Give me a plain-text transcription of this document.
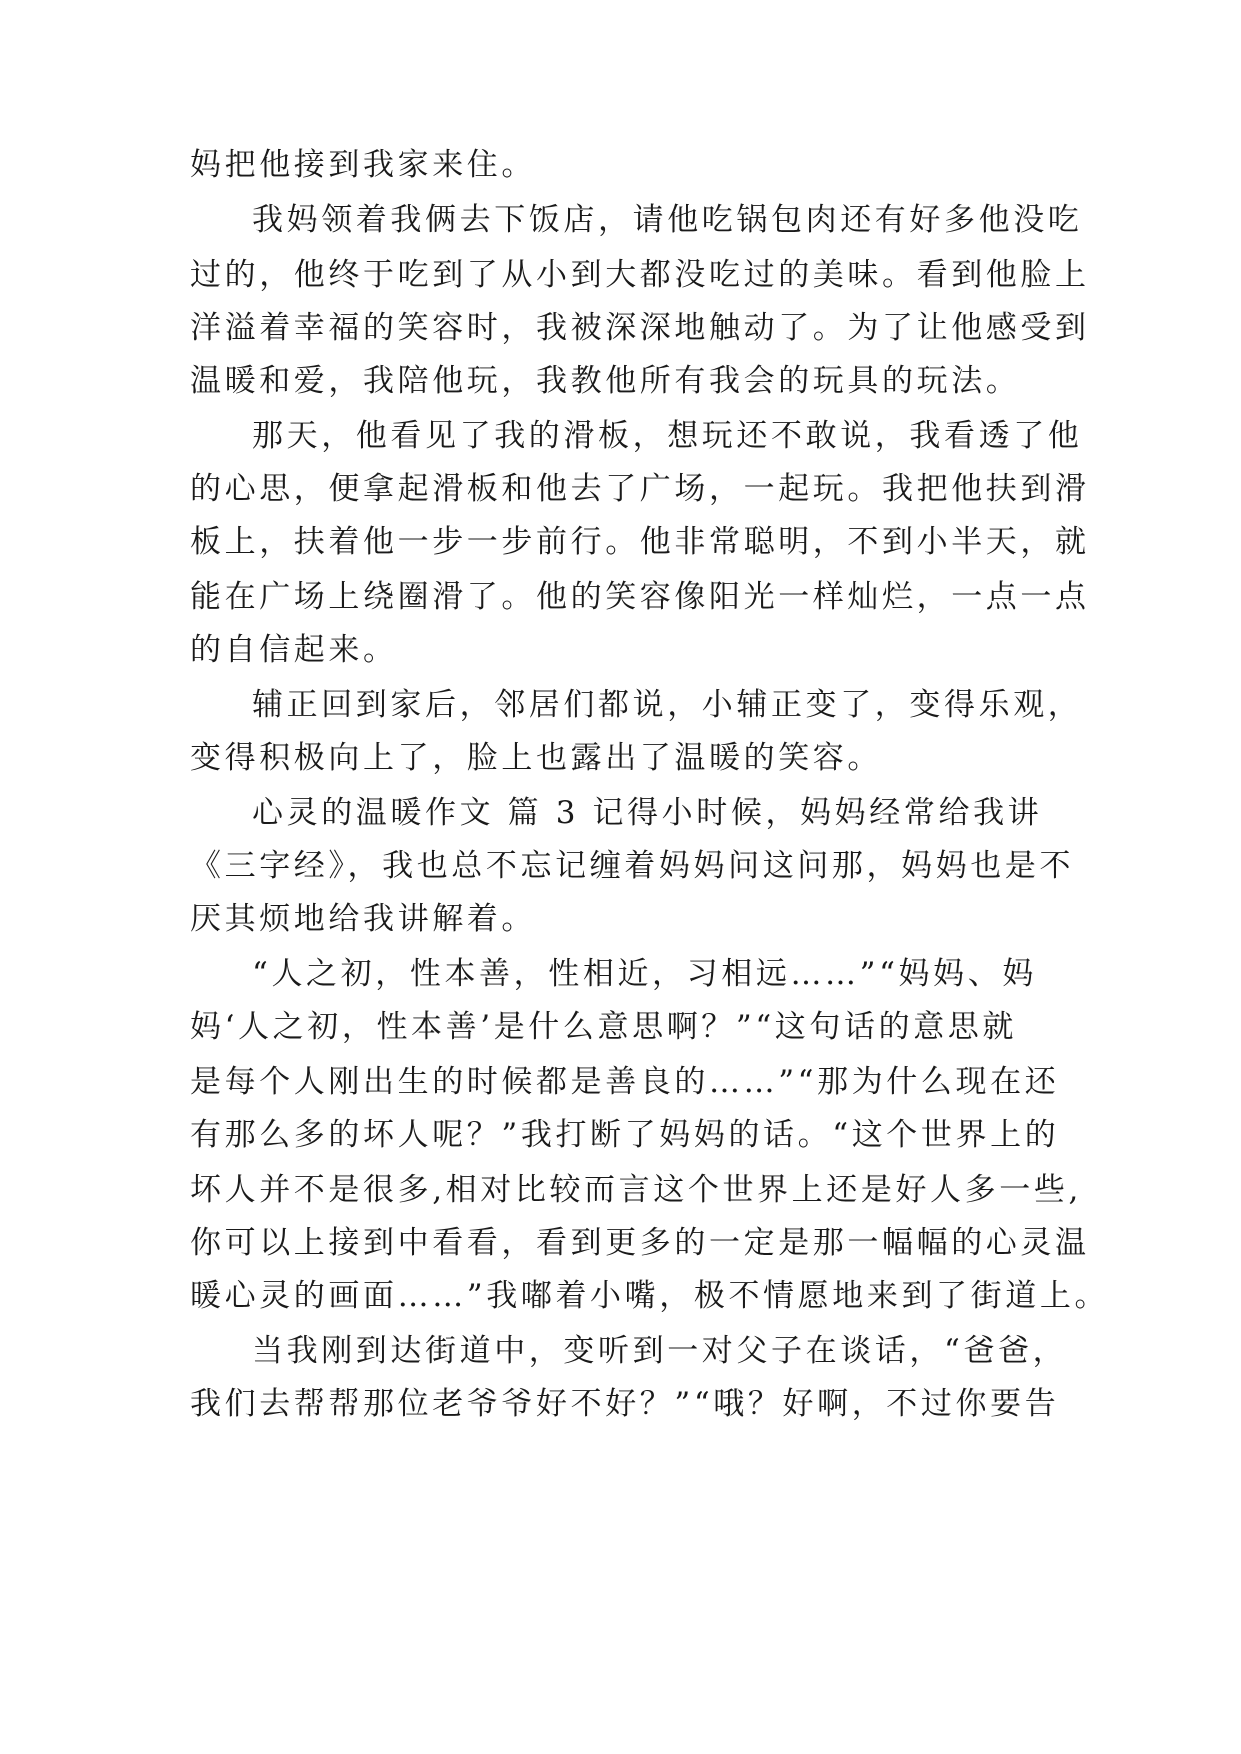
妈把他接到我家来住。
我妈领着我俩去下饭店，请他吃锅包肉还有好多他没吃
过的，他终于吃到了从小到大都没吃过的美味。看到他脸上
洋溢着幸福的笑容时，我被深深地触动了。为了让他感受到
温暖和爱，我陪他玩，我教他所有我会的玩具的玩法。
那天，他看见了我的滑板，想玩还不敢说，我看透了他
的心思，便拿起滑板和他去了广场，一起玩。我把他扶到滑
板上，扶着他一步一步前行。他非常聪明，不到小半天，就
能在广场上绕圈滑了。他的笑容像阳光一样灿烂，一点一点
的自信起来。
辅正回到家后，邻居们都说，小辅正变了，变得乐观，
变得积极向上了，脸上也露出了温暖的笑容。
心灵的温暖作文 篇 3 记得小时候，妈妈经常给我讲
《三字经》，我也总不忘记缠着妈妈问这问那，妈妈也是不
厌其烦地给我讲解着。
“人之初，性本善，性相近，习相远……”“妈妈、妈
妈‘人之初，性本善’是什么意思啊？”“这句话的意思就
是每个人刚出生的时候都是善良的……”“那为什么现在还
有那么多的坏人呢？”我打断了妈妈的话。“这个世界上的
坏人并不是很多,相对比较而言这个世界上还是好人多一些,
你可以上接到中看看，看到更多的一定是那一幅幅的心灵温
暖心灵的画面……”我嘟着小嘴，极不情愿地来到了街道上。
当我刚到达街道中，变听到一对父子在谈话，“爸爸，
我们去帮帮那位老爷爷好不好？”“哦？好啊，不过你要告
